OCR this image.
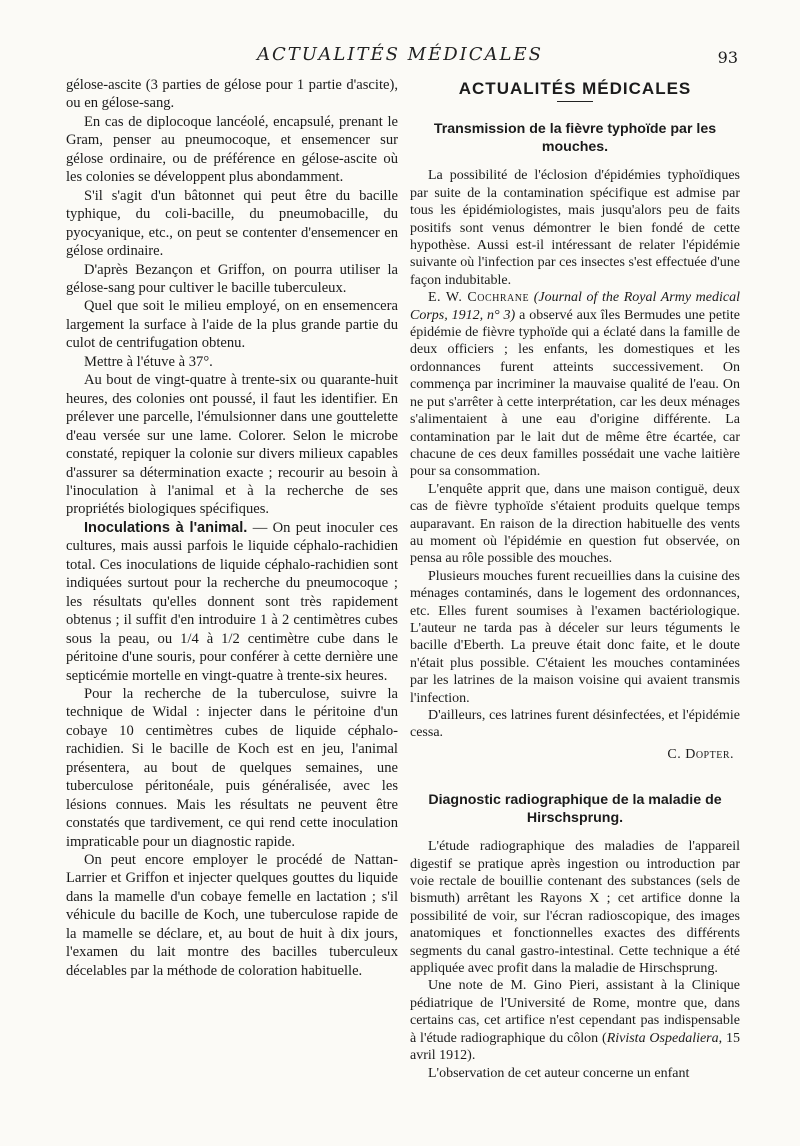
ACTUALITÉS MÉDICALES	93

gélose-ascite (3 parties de gélose pour 1 partie d'ascite), ou en gélose-sang.

En cas de diplocoque lancéolé, encapsulé, prenant le Gram, penser au pneumocoque, et ensemencer sur gélose ordinaire, ou de préférence en gélose-ascite où les colonies se développent plus abondamment.

S'il s'agit d'un bâtonnet qui peut être du bacille typhique, du coli-bacille, du pneumobacille, du pyocyanique, etc., on peut se contenter d'ensemencer en gélose ordinaire.

D'après Bezançon et Griffon, on pourra utiliser la gélose-sang pour cultiver le bacille tuberculeux.

Quel que soit le milieu employé, on en ensemencera largement la surface à l'aide de la plus grande partie du culot de centrifugation obtenu.

Mettre à l'étuve à 37°.

Au bout de vingt-quatre à trente-six ou quarante-huit heures, des colonies ont poussé, il faut les identifier. En prélever une parcelle, l'émulsionner dans une gouttelette d'eau versée sur une lame. Colorer. Selon le microbe constaté, repiquer la colonie sur divers milieux capables d'assurer sa détermination exacte ; recourir au besoin à l'inoculation à l'animal et à la recherche de ses propriétés biologiques spécifiques.

Inoculations à l'animal. — On peut inoculer ces cultures, mais aussi parfois le liquide céphalo-rachidien total. Ces inoculations de liquide céphalo-rachidien sont indiquées surtout pour la recherche du pneumocoque ; les résultats qu'elles donnent sont très rapidement obtenus ; il suffit d'en introduire 1 à 2 centimètres cubes sous la peau, ou 1/4 à 1/2 centimètre cube dans le péritoine d'une souris, pour conférer à cette dernière une septicémie mortelle en vingt-quatre à trente-six heures.

Pour la recherche de la tuberculose, suivre la technique de Widal : injecter dans le péritoine d'un cobaye 10 centimètres cubes de liquide céphalo-rachidien. Si le bacille de Koch est en jeu, l'animal présentera, au bout de quelques semaines, une tuberculose péritonéale, puis généralisée, avec les lésions connues. Mais les résultats ne peuvent être constatés que tardivement, ce qui rend cette inoculation impraticable pour un diagnostic rapide.

On peut encore employer le procédé de Nattan-Larrier et Griffon et injecter quelques gouttes du liquide dans la mamelle d'un cobaye femelle en lactation ; s'il véhicule du bacille de Koch, une tuberculose rapide de la mamelle se déclare, et, au bout de huit à dix jours, l'examen du lait montre des bacilles tuberculeux décelables par la méthode de coloration habituelle.

ACTUALITÉS MÉDICALES
Transmission de la fièvre typhoïde par les mouches.

La possibilité de l'éclosion d'épidémies typhoïdiques par suite de la contamination spécifique est admise par tous les épidémiologistes, mais jusqu'alors peu de faits positifs sont venus démontrer le bien fondé de cette hypothèse. Aussi est-il intéressant de relater l'épidémie suivante où l'infection par ces insectes s'est effectuée d'une façon indubitable.

E. W. Cochrane (Journal of the Royal Army medical Corps, 1912, n° 3) a observé aux îles Bermudes une petite épidémie de fièvre typhoïde qui a éclaté dans la famille de deux officiers ; les enfants, les domestiques et les ordonnances furent atteints successivement. On commença par incriminer la mauvaise qualité de l'eau. On ne put s'arrêter à cette interprétation, car les deux ménages s'alimentaient à une eau d'origine différente. La contamination par le lait dut de même être écartée, car chacune de ces deux familles possédait une vache laitière pour sa consommation.

L'enquête apprit que, dans une maison contiguë, deux cas de fièvre typhoïde s'étaient produits quelque temps auparavant. En raison de la direction habituelle des vents au moment où l'épidémie en question fut observée, on pensa au rôle possible des mouches.

Plusieurs mouches furent recueillies dans la cuisine des ménages contaminés, dans le logement des ordonnances, etc. Elles furent soumises à l'examen bactériologique. L'auteur ne tarda pas à déceler sur leurs téguments le bacille d'Eberth. La preuve était donc faite, et le doute n'était plus possible. C'étaient les mouches contaminées par les latrines de la maison voisine qui avaient transmis l'infection.

D'ailleurs, ces latrines furent désinfectées, et l'épidémie cessa.

C. Dopter.
Diagnostic radiographique de la maladie de Hirschsprung.

L'étude radiographique des maladies de l'appareil digestif se pratique après ingestion ou introduction par voie rectale de bouillie contenant des substances (sels de bismuth) arrêtant les Rayons X ; cet artifice donne la possibilité de voir, sur l'écran radioscopique, des images anatomiques et fonctionnelles exactes des différents segments du canal gastro-intestinal. Cette technique a été appliquée avec profit dans la maladie de Hirschsprung.

Une note de M. Gino Pieri, assistant à la Clinique pédiatrique de l'Université de Rome, montre que, dans certains cas, cet artifice n'est cependant pas indispensable à l'étude radiographique du côlon (Rivista Ospedaliera, 15 avril 1912).

L'observation de cet auteur concerne un enfant
